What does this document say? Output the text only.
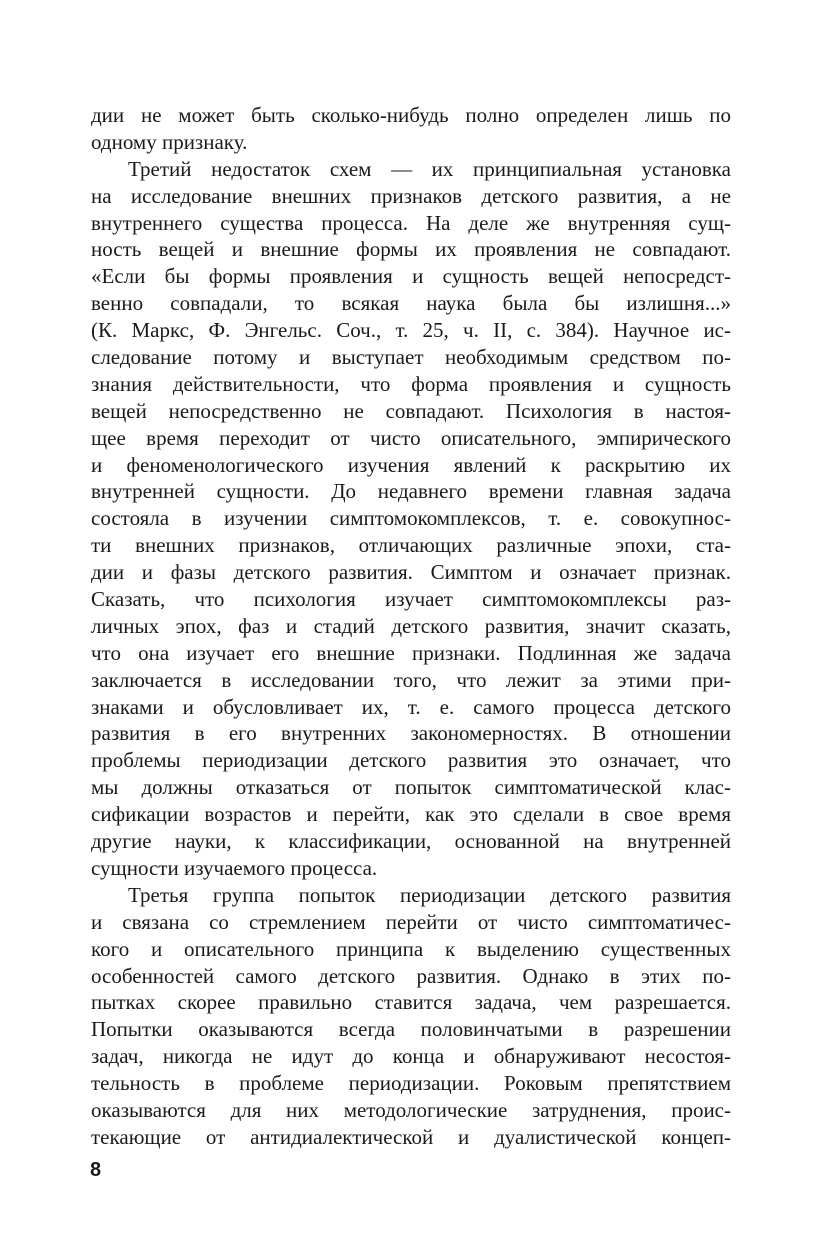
дии не может быть сколько-нибудь полно определен лишь по
одному признаку.
Третий недостаток схем — их принципиальная установка
на исследование внешних признаков детского развития, а не
внутреннего существа процесса. На деле же внутренняя сущ-
ность вещей и внешние формы их проявления не совпадают.
«Если бы формы проявления и сущность вещей непосредст-
венно совпадали, то всякая наука была бы излишня...»
(К. Маркс, Ф. Энгельс. Соч., т. 25, ч. II, с. 384). Научное ис-
следование потому и выступает необходимым средством по-
знания действительности, что форма проявления и сущность
вещей непосредственно не совпадают. Психология в настоя-
щее время переходит от чисто описательного, эмпирического
и феноменологического изучения явлений к раскрытию их
внутренней сущности. До недавнего времени главная задача
состояла в изучении симптомокомплексов, т. е. совокупнос-
ти внешних признаков, отличающих различные эпохи, ста-
дии и фазы детского развития. Симптом и означает признак.
Сказать, что психология изучает симптомокомплексы раз-
личных эпох, фаз и стадий детского развития, значит сказать,
что она изучает его внешние признаки. Подлинная же задача
заключается в исследовании того, что лежит за этими при-
знаками и обусловливает их, т. е. самого процесса детского
развития в его внутренних закономерностях. В отношении
проблемы периодизации детского развития это означает, что
мы должны отказаться от попыток симптоматической клас-
сификации возрастов и перейти, как это сделали в свое время
другие науки, к классификации, основанной на внутренней
сущности изучаемого процесса.
Третья группа попыток периодизации детского развития
и связана со стремлением перейти от чисто симптоматичес-
кого и описательного принципа к выделению существенных
особенностей самого детского развития. Однако в этих по-
пытках скорее правильно ставится задача, чем разрешается.
Попытки оказываются всегда половинчатыми в разрешении
задач, никогда не идут до конца и обнаруживают несостоя-
тельность в проблеме периодизации. Роковым препятствием
оказываются для них методологические затруднения, проис-
текающие от антидиалектической и дуалистической концеп-
8
